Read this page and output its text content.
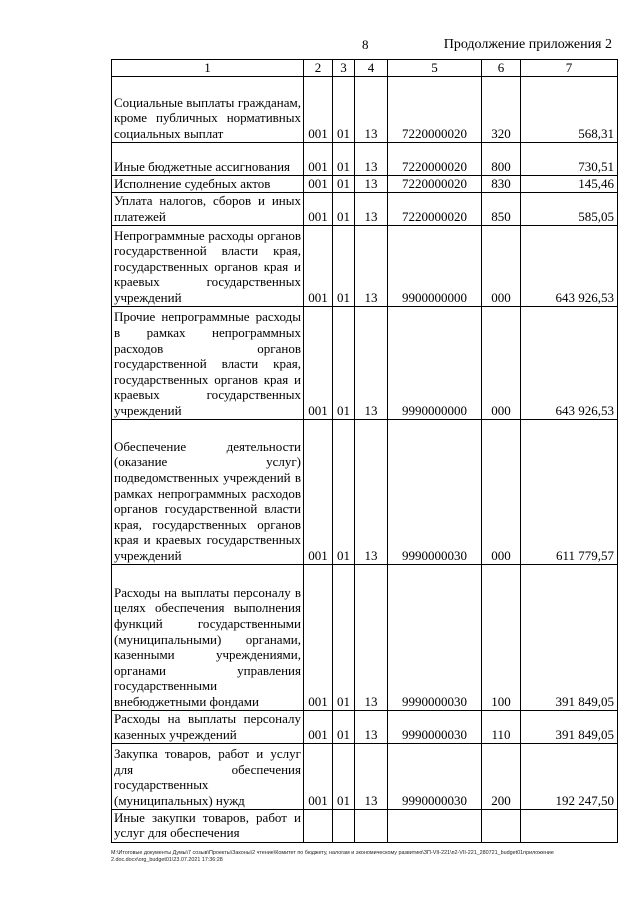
8	Продолжение приложения 2
1	2	3	4	5	6	7
Социальные выплаты гражданам, кроме публичных нормативных социальных выплат	001	01	13	7220000020	320	568,31
Иные бюджетные ассигнования	001	01	13	7220000020	800	730,51
Исполнение судебных актов	001	01	13	7220000020	830	145,46
Уплата налогов, сборов и иных платежей	001	01	13	7220000020	850	585,05
Непрограммные расходы органов государственной власти края, государственных органов края и краевых государственных учреждений	001	01	13	9900000000	000	643 926,53
Прочие непрограммные расходы в рамках непрограммных расходов органов государственной власти края, государственных органов края и краевых государственных учреждений	001	01	13	9990000000	000	643 926,53
Обеспечение деятельности (оказание услуг) подведомственных учреждений в рамках непрограммных расходов органов государственной власти края, государственных органов края и краевых государственных учреждений	001	01	13	9990000030	000	611 779,57
Расходы на выплаты персоналу в целях обеспечения выполнения функций государственными (муниципальными) органами, казенными учреждениями, органами управления государственными внебюджетными фондами	001	01	13	9990000030	100	391 849,05
Расходы на выплаты персоналу казенных учреждений	001	01	13	9990000030	110	391 849,05
Закупка товаров, работ и услуг для обеспечения государственных (муниципальных) нужд	001	01	13	9990000030	200	192 247,50
Иные закупки товаров, работ и услуг для обеспечения						
M:\Итоговые документы Думы\7 созыв\Проекты\Законы\2 чтение\Комитет по бюджету, налогам и экономическому развитию\ЗП-VII-221\п2-VII-221_280721_budget01приложение 2.doc.docx\org_budget01\23.07.2021 17:36:28
